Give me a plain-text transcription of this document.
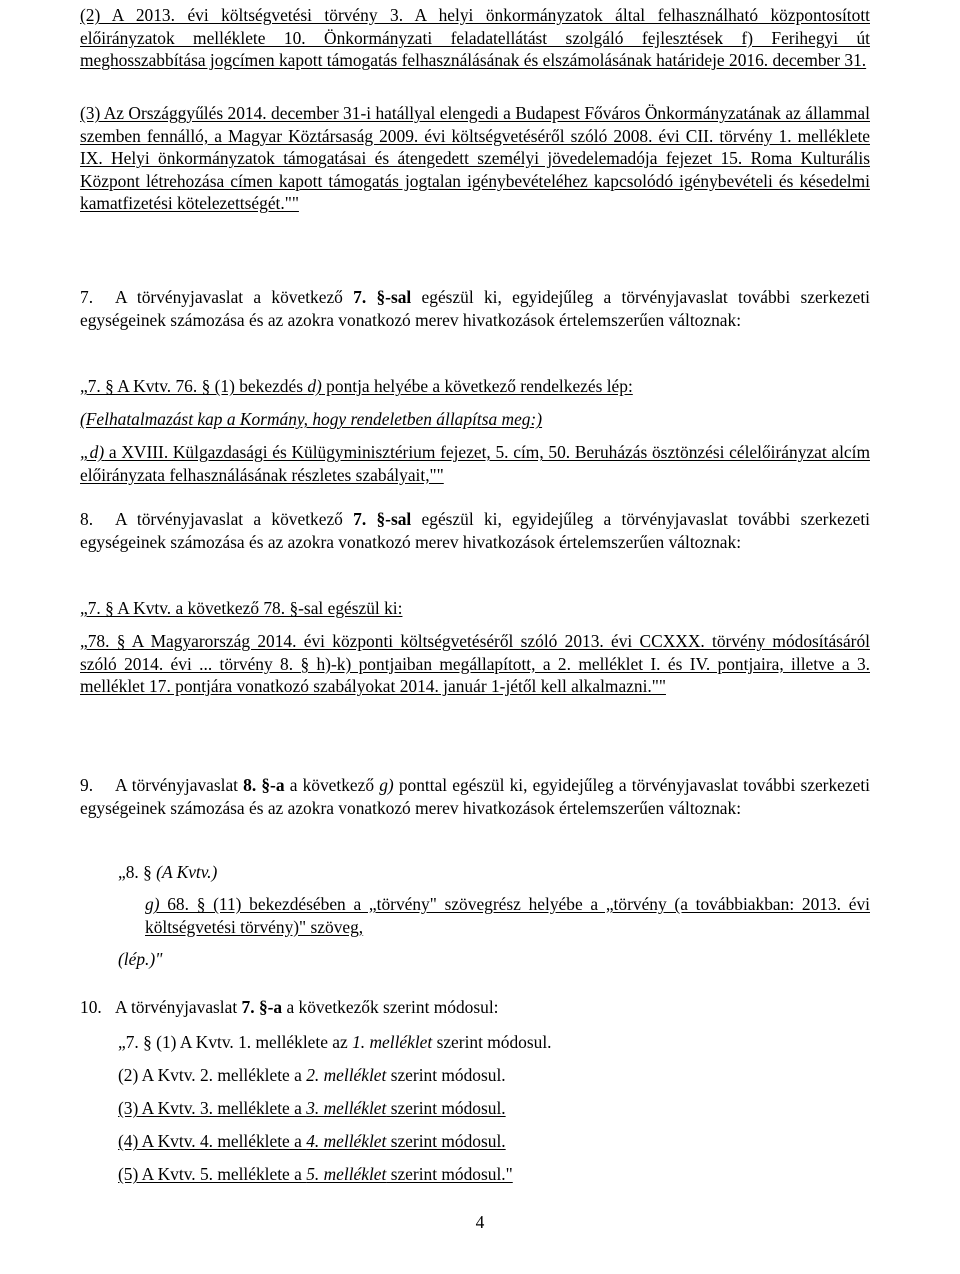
(2) A 2013. évi költségvetési törvény 3. A helyi önkormányzatok által felhasználható központosított előirányzatok melléklete 10. Önkormányzati feladatellátást szolgáló fejlesztések f) Ferihegyi út meghosszabbítása jogcímen kapott támogatás felhasználásának és elszámolásának határideje 2016. december 31.

(3) Az Országgyűlés 2014. december 31-i hatállyal elengedi a Budapest Főváros Önkormányzatának az állammal szemben fennálló, a Magyar Köztársaság 2009. évi költségvetéséről szóló 2008. évi CII. törvény 1. melléklete IX. Helyi önkormányzatok támogatásai és átengedett személyi jövedelemadója fejezet 15. Roma Kulturális Központ létrehozása címen kapott támogatás jogtalan igénybevételéhez kapcsolódó igénybevételi és késedelmi kamatfizetési kötelezettségét.""

7. A törvényjavaslat a következő 7. §-sal egészül ki, egyidejűleg a törvényjavaslat további szerkezeti egységeinek számozása és az azokra vonatkozó merev hivatkozások értelemszerűen változnak:

„7. § A Kvtv. 76. § (1) bekezdés d) pontja helyébe a következő rendelkezés lép:

(Felhatalmazást kap a Kormány, hogy rendeletben állapítsa meg:)

„d) a XVIII. Külgazdasági és Külügyminisztérium fejezet, 5. cím, 50. Beruházás ösztönzési célelőirányzat alcím előirányzata felhasználásának részletes szabályait,""

8. A törvényjavaslat a következő 7. §-sal egészül ki, egyidejűleg a törvényjavaslat további szerkezeti egységeinek számozása és az azokra vonatkozó merev hivatkozások értelemszerűen változnak:

„7. § A Kvtv. a következő 78. §-sal egészül ki:

„78. § A Magyarország 2014. évi központi költségvetéséről szóló 2013. évi CCXXX. törvény módosításáról szóló 2014. évi ... törvény 8. § h)-k) pontjaiban megállapított, a 2. melléklet I. és IV. pontjaira, illetve a 3. melléklet 17. pontjára vonatkozó szabályokat 2014. január 1-jétől kell alkalmazni.""

9. A törvényjavaslat 8. §-a a következő g) ponttal egészül ki, egyidejűleg a törvényjavaslat további szerkezeti egységeinek számozása és az azokra vonatkozó merev hivatkozások értelemszerűen változnak:

„8. § (A Kvtv.)

g) 68. § (11) bekezdésében a „törvény" szövegrész helyébe a „törvény (a továbbiakban: 2013. évi költségvetési törvény)" szöveg,

(lép.)"

10. A törvényjavaslat 7. §-a a következők szerint módosul:

„7. § (1) A Kvtv. 1. melléklete az 1. melléklet szerint módosul.

(2) A Kvtv. 2. melléklete a 2. melléklet szerint módosul.

(3) A Kvtv. 3. melléklete a 3. melléklet szerint módosul.

(4) A Kvtv. 4. melléklete a 4. melléklet szerint módosul.

(5) A Kvtv. 5. melléklete a 5. melléklet szerint módosul."

4
